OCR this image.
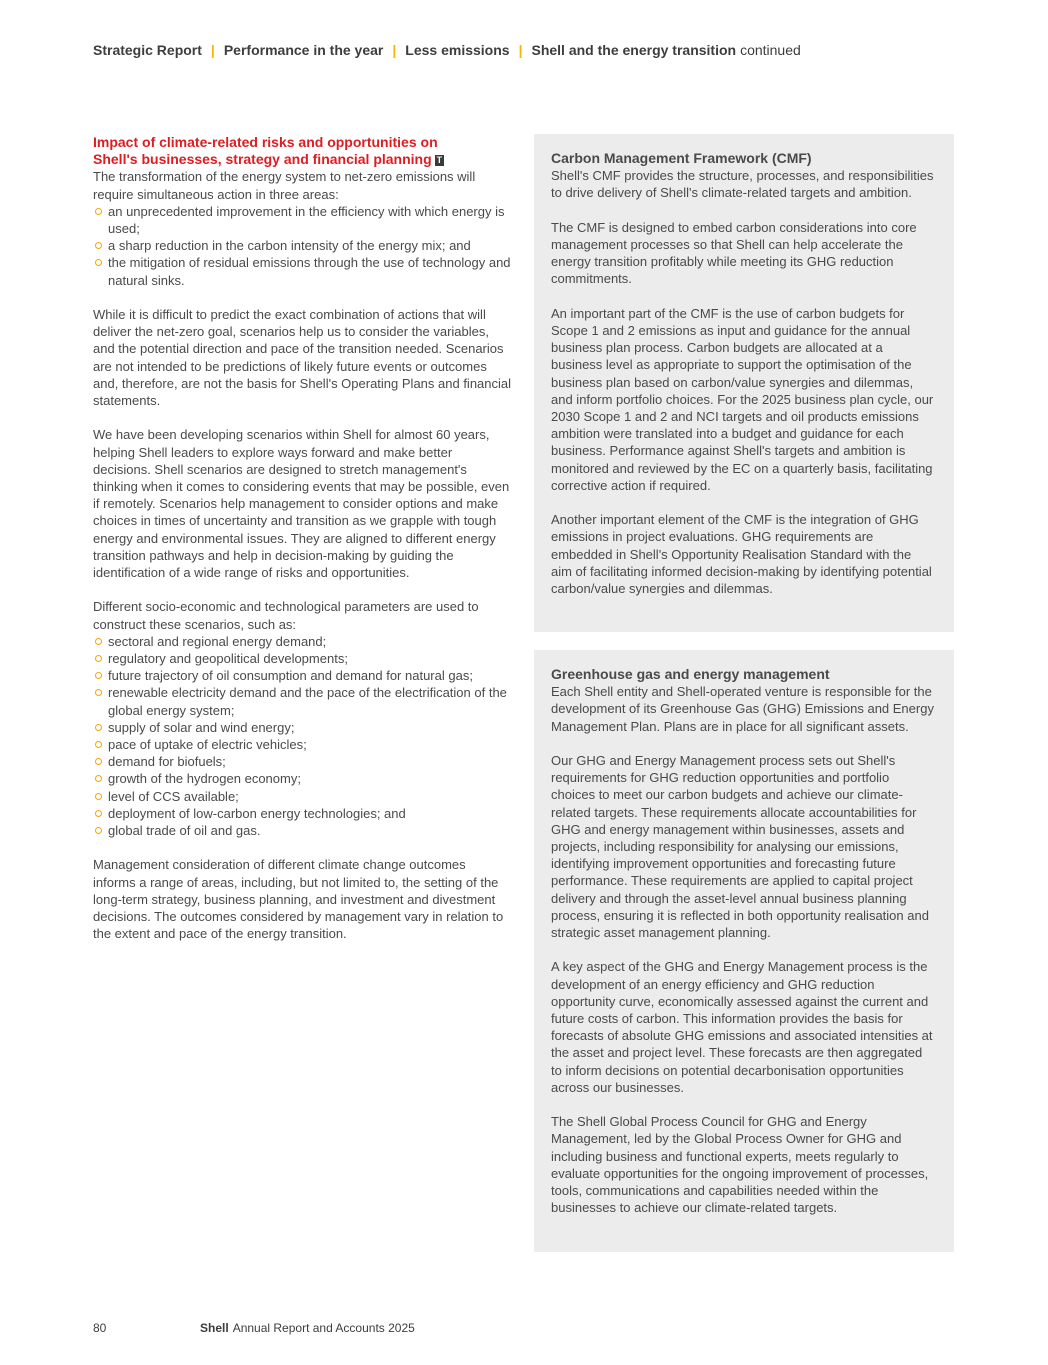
Strategic Report | Performance in the year | Less emissions | Shell and the energy transition continued
Impact of climate-related risks and opportunities on
Shell's businesses, strategy and financial planning T

The transformation of the energy system to net-zero emissions will require simultaneous action in three areas:

an unprecedented improvement in the efficiency with which energy is used;
a sharp reduction in the carbon intensity of the energy mix; and
the mitigation of residual emissions through the use of technology and natural sinks.

While it is difficult to predict the exact combination of actions that will deliver the net-zero goal, scenarios help us to consider the variables, and the potential direction and pace of the transition needed. Scenarios are not intended to be predictions of likely future events or outcomes and, therefore, are not the basis for Shell's Operating Plans and financial statements.

We have been developing scenarios within Shell for almost 60 years, helping Shell leaders to explore ways forward and make better decisions. Shell scenarios are designed to stretch management's thinking when it comes to considering events that may be possible, even if remotely. Scenarios help management to consider options and make choices in times of uncertainty and transition as we grapple with tough energy and environmental issues. They are aligned to different energy transition pathways and help in decision-making by guiding the identification of a wide range of risks and opportunities.

Different socio-economic and technological parameters are used to construct these scenarios, such as:

sectoral and regional energy demand;
regulatory and geopolitical developments;
future trajectory of oil consumption and demand for natural gas;
renewable electricity demand and the pace of the electrification of the global energy system;
supply of solar and wind energy;
pace of uptake of electric vehicles;
demand for biofuels;
growth of the hydrogen economy;
level of CCS available;
deployment of low-carbon energy technologies; and
global trade of oil and gas.

Management consideration of different climate change outcomes informs a range of areas, including, but not limited to, the setting of the long-term strategy, business planning, and investment and divestment decisions. The outcomes considered by management vary in relation to the extent and pace of the energy transition.

Carbon Management Framework (CMF)

Shell's CMF provides the structure, processes, and responsibilities to drive delivery of Shell's climate-related targets and ambition.

The CMF is designed to embed carbon considerations into core management processes so that Shell can help accelerate the energy transition profitably while meeting its GHG reduction commitments.

An important part of the CMF is the use of carbon budgets for Scope 1 and 2 emissions as input and guidance for the annual business plan process. Carbon budgets are allocated at a business level as appropriate to support the optimisation of the business plan based on carbon/value synergies and dilemmas, and inform portfolio choices. For the 2025 business plan cycle, our 2030 Scope 1 and 2 and NCI targets and oil products emissions ambition were translated into a budget and guidance for each business. Performance against Shell's targets and ambition is monitored and reviewed by the EC on a quarterly basis, facilitating corrective action if required.

Another important element of the CMF is the integration of GHG emissions in project evaluations. GHG requirements are embedded in Shell's Opportunity Realisation Standard with the aim of facilitating informed decision-making by identifying potential carbon/value synergies and dilemmas.

Greenhouse gas and energy management

Each Shell entity and Shell-operated venture is responsible for the development of its Greenhouse Gas (GHG) Emissions and Energy Management Plan. Plans are in place for all significant assets.

Our GHG and Energy Management process sets out Shell's requirements for GHG reduction opportunities and portfolio choices to meet our carbon budgets and achieve our climate-related targets. These requirements allocate accountabilities for GHG and energy management within businesses, assets and projects, including responsibility for analysing our emissions, identifying improvement opportunities and forecasting future performance. These requirements are applied to capital project delivery and through the asset-level annual business planning process, ensuring it is reflected in both opportunity realisation and strategic asset management planning.

A key aspect of the GHG and Energy Management process is the development of an energy efficiency and GHG reduction opportunity curve, economically assessed against the current and future costs of carbon. This information provides the basis for forecasts of absolute GHG emissions and associated intensities at the asset and project level. These forecasts are then aggregated to inform decisions on potential decarbonisation opportunities across our businesses.

The Shell Global Process Council for GHG and Energy Management, led by the Global Process Owner for GHG and including business and functional experts, meets regularly to evaluate opportunities for the ongoing improvement of processes, tools, communications and capabilities needed within the businesses to achieve our climate-related targets.

80	Shell Annual Report and Accounts 2025
